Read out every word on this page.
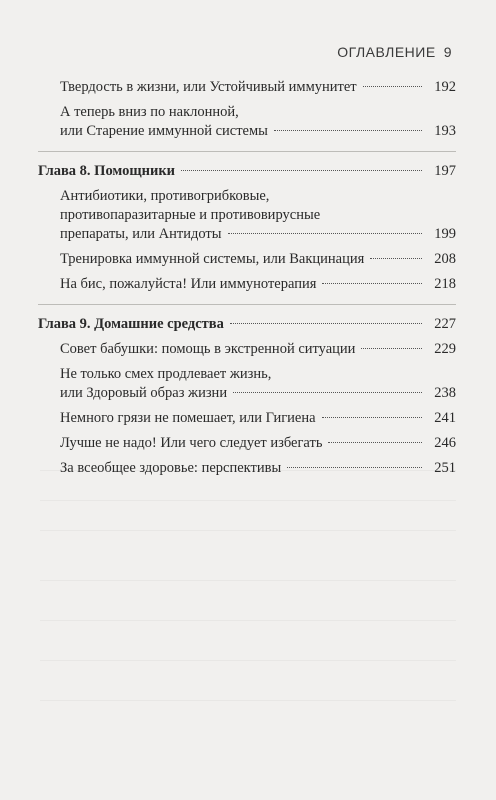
ОГЛАВЛЕНИЕ 9
Твердость в жизни, или Устойчивый иммунитет	192
А теперь вниз по наклонной,
или Старение иммунной системы	193
Глава 8. Помощники	197
Антибиотики, противогрибковые,
противопаразитарные и противовирусные
препараты, или Антидоты	199
Тренировка иммунной системы, или Вакцинация	208
На бис, пожалуйста! Или иммунотерапия	218
Глава 9. Домашние средства	227
Совет бабушки: помощь в экстренной ситуации	229
Не только смех продлевает жизнь,
или Здоровый образ жизни	238
Немного грязи не помешает, или Гигиена	241
Лучше не надо! Или чего следует избегать	246
За всеобщее здоровье: перспективы	251
